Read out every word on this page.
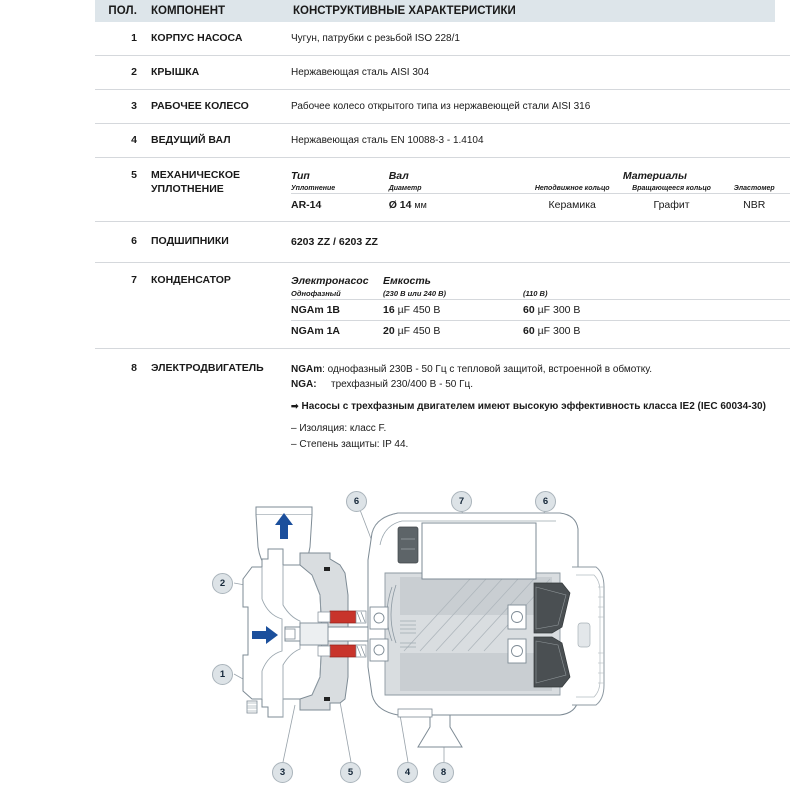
ПОЛ.	КОМПОНЕНТ	КОНСТРУКТИВНЫЕ ХАРАКТЕРИСТИКИ
1	КОРПУС НАСОСА	Чугун, патрубки с резьбой ISO 228/1
2	КРЫШКА	Нержавеющая сталь AISI 304
3	РАБОЧЕЕ КОЛЕСО	Рабочее колесо открытого типа из нержавеющей стали AISI 316
4	ВЕДУЩИЙ ВАЛ	Нержавеющая сталь EN 10088-3 - 1.4104
5	МЕХАНИЧЕСКОЕ УПЛОТНЕНИЕ
Тип	Вал	Материалы		
Уплотнение	Диаметр	Неподвижное кольцо	Вращающееся кольцо	Эластомер
AR-14	Ø 14 мм	Керамика	Графит	NBR
6	ПОДШИПНИКИ	6203 ZZ / 6203 ZZ
7	КОНДЕНСАТОР	Электронасос	Емкость	
Однофазный	(230 В или 240 В)	(110 В)
NGAm 1B	16 µF 450 В	60 µF 300 В
NGAm 1A	20 µF 450 В	60 µF 300 В
8	ЭЛЕКТРОДВИГАТЕЛЬ	NGAm: однофазный 230В - 50 Гц с тепловой защитой, встроенной в обмотку.
NGA: трехфазный 230/400 В - 50 Гц.
➡ Насосы с трехфазным двигателем имеют высокую эффективность класса IE2 (IEC 60034-30)
– Изоляция: класс F.
– Степень защиты: IP 44.
6	7	6
2
1
3	5	4	8
